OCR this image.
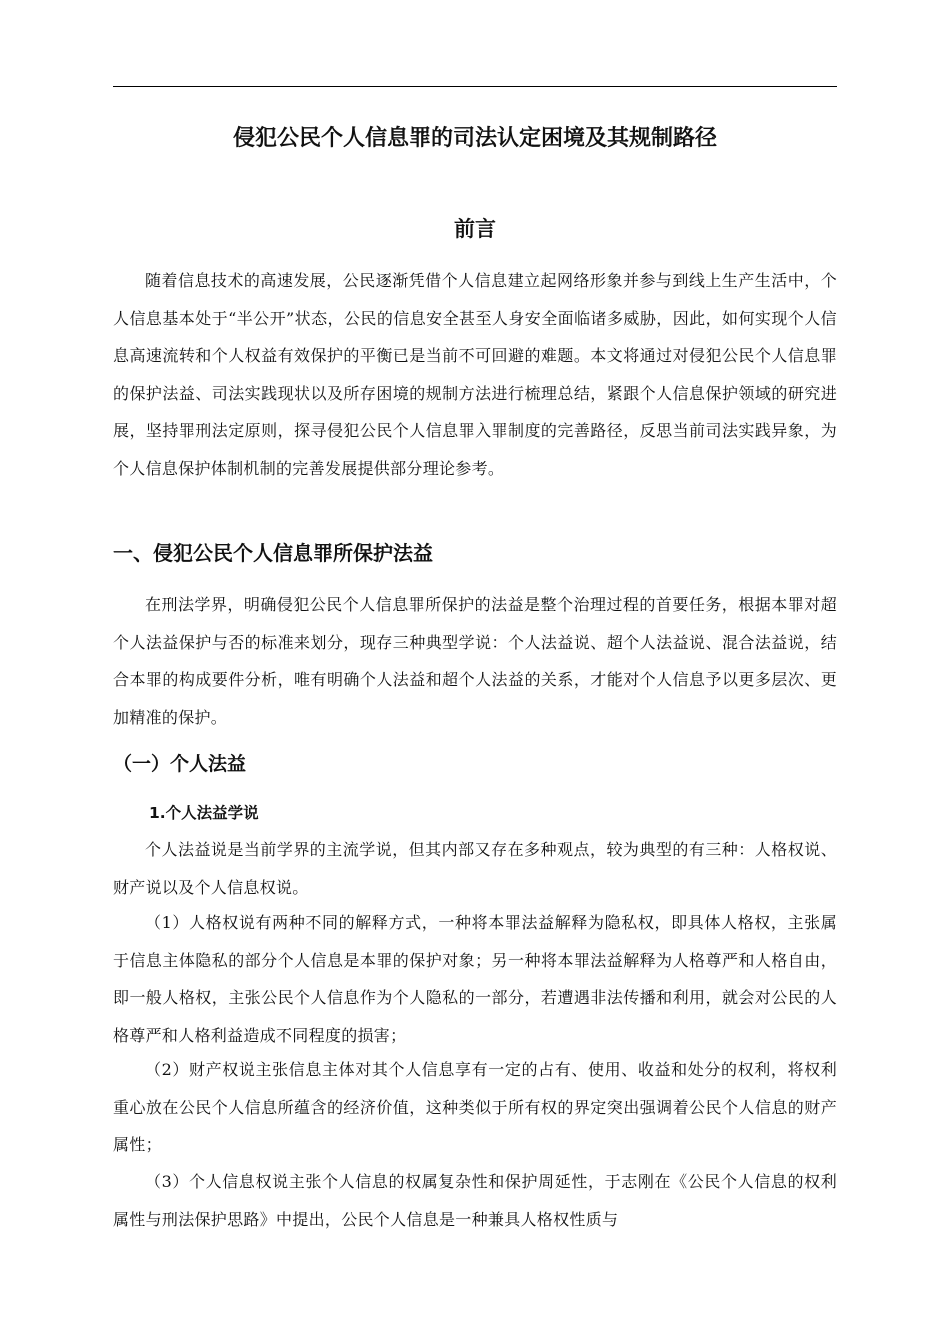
侵犯公民个人信息罪的司法认定困境及其规制路径
前言

随着信息技术的高速发展，公民逐渐凭借个人信息建立起网络形象并参与到线上生产生活中，个人信息基本处于“半公开”状态，公民的信息安全甚至人身安全面临诸多威胁，因此，如何实现个人信息高速流转和个人权益有效保护的平衡已是当前不可回避的难题。本文将通过对侵犯公民个人信息罪的保护法益、司法实践现状以及所存困境的规制方法进行梳理总结，紧跟个人信息保护领域的研究进展，坚持罪刑法定原则，探寻侵犯公民个人信息罪入罪制度的完善路径，反思当前司法实践异象，为个人信息保护体制机制的完善发展提供部分理论参考。

一、侵犯公民个人信息罪所保护法益

在刑法学界，明确侵犯公民个人信息罪所保护的法益是整个治理过程的首要任务，根据本罪对超个人法益保护与否的标准来划分，现存三种典型学说：个人法益说、超个人法益说、混合法益说，结合本罪的构成要件分析，唯有明确个人法益和超个人法益的关系，才能对个人信息予以更多层次、更加精准的保护。

（一）个人法益
1.个人法益学说

个人法益说是当前学界的主流学说，但其内部又存在多种观点，较为典型的有三种：人格权说、财产说以及个人信息权说。

（1）人格权说有两种不同的解释方式，一种将本罪法益解释为隐私权，即具体人格权，主张属于信息主体隐私的部分个人信息是本罪的保护对象；另一种将本罪法益解释为人格尊严和人格自由，即一般人格权，主张公民个人信息作为个人隐私的一部分，若遭遇非法传播和利用，就会对公民的人格尊严和人格利益造成不同程度的损害；

（2）财产权说主张信息主体对其个人信息享有一定的占有、使用、收益和处分的权利，将权利重心放在公民个人信息所蕴含的经济价值，这种类似于所有权的界定突出强调着公民个人信息的财产属性；

（3）个人信息权说主张个人信息的权属复杂性和保护周延性，于志刚在《公民个人信息的权利属性与刑法保护思路》中提出，公民个人信息是一种兼具人格权性质与
